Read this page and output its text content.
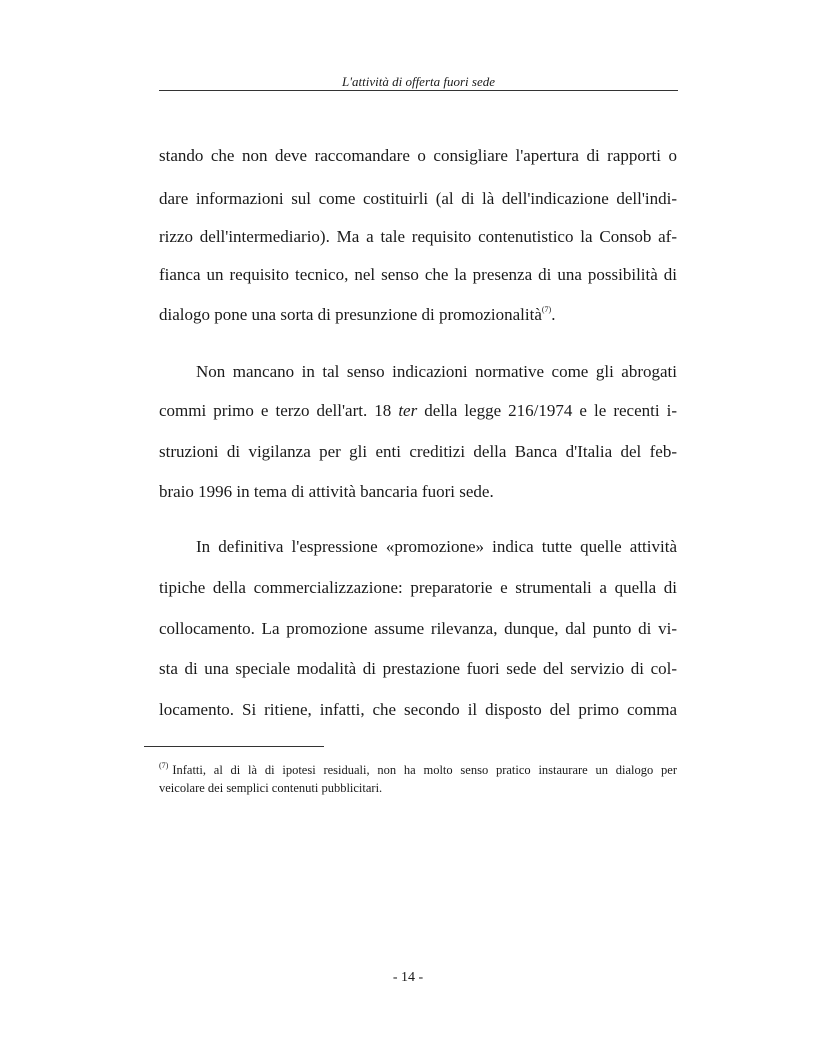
L'attività di offerta fuori sede
stando che non deve raccomandare o consigliare l'apertura di rapporti o
dare informazioni sul come costituirli (al di là dell'indicazione dell'indi-
rizzo dell'intermediario). Ma a tale requisito contenutistico la Consob af-
fianca un requisito tecnico, nel senso che la presenza di una possibilità di
dialogo pone una sorta di presunzione di promozionalità$^{(7)}$.
Non mancano in tal senso indicazioni normative come gli abrogati
commi primo e terzo dell'art. 18 ter della legge 216/1974 e le recenti i-
struzioni di vigilanza per gli enti creditizi della Banca d'Italia del feb-
braio 1996 in tema di attività bancaria fuori sede.
In definitiva l'espressione «promozione» indica tutte quelle attività
tipiche della commercializzazione: preparatorie e strumentali a quella di
collocamento. La promozione assume rilevanza, dunque, dal punto di vi-
sta di una speciale modalità di prestazione fuori sede del servizio di col-
locamento. Si ritiene, infatti, che secondo il disposto del primo comma
$^{(7)}$ Infatti, al di là di ipotesi residuali, non ha molto senso pratico instaurare un dialogo per
veicolare dei semplici contenuti pubblicitari.
- 14 -
